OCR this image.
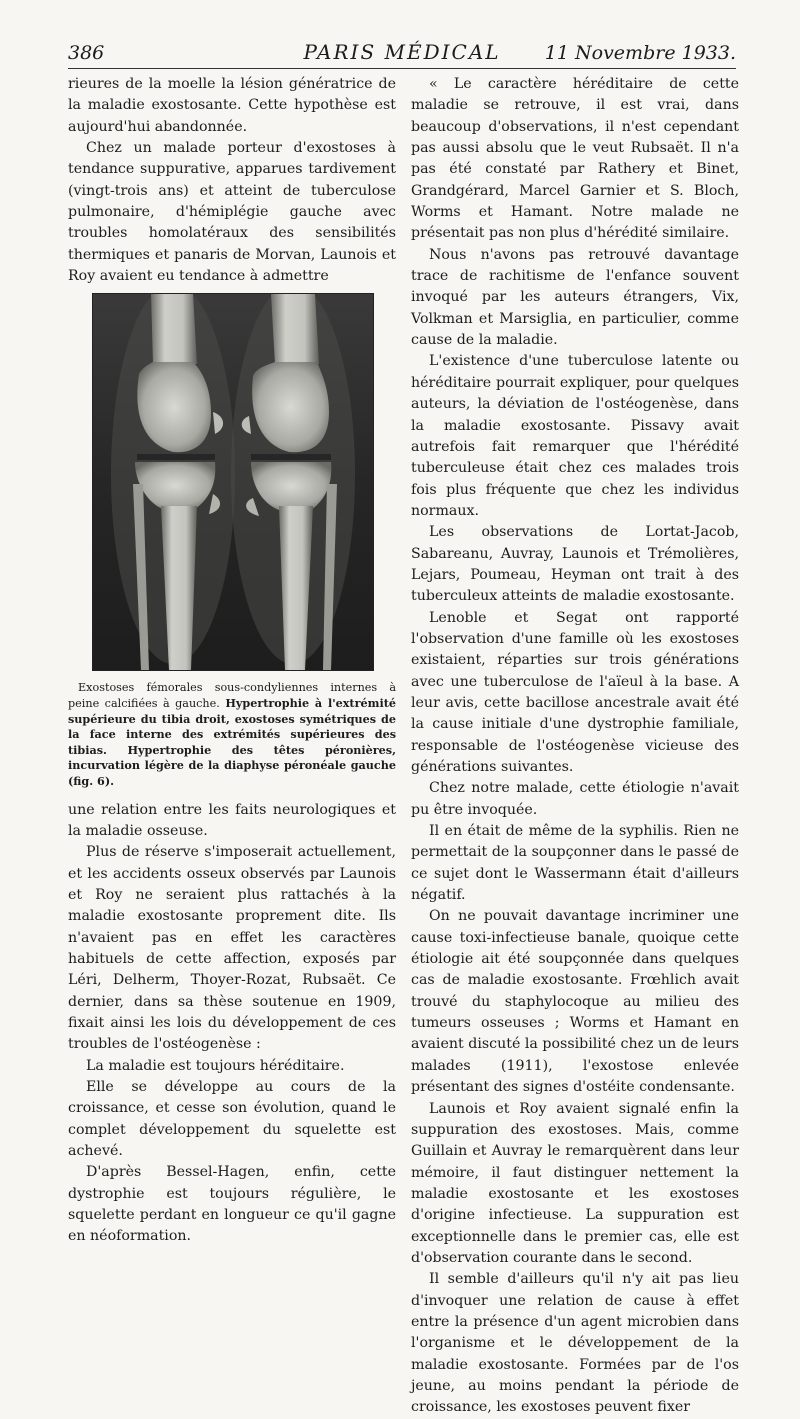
386	PARIS MÉDICAL	11 Novembre 1933.

rieures de la moelle la lésion génératrice de la maladie exostosante. Cette hypothèse est aujourd'hui abandonnée.

Chez un malade porteur d'exostoses à tendance suppurative, apparues tardivement (vingt-trois ans) et atteint de tuberculose pulmonaire, d'hémiplégie gauche avec troubles homolatéraux des sensibilités thermiques et panaris de Morvan, Launois et Roy avaient eu tendance à admettre

Exostoses fémorales sous-condyliennes internes à peine calcifiées à gauche. Hypertrophie à l'extrémité supérieure du tibia droit, exostoses symétriques de la face interne des extrémités supérieures des tibias. Hypertrophie des têtes péronières, incurvation légère de la diaphyse péronéale gauche (fig. 6).

une relation entre les faits neurologiques et la maladie osseuse.

Plus de réserve s'imposerait actuellement, et les accidents osseux observés par Launois et Roy ne seraient plus rattachés à la maladie exostosante proprement dite. Ils n'avaient pas en effet les caractères habituels de cette affection, exposés par Léri, Delherm, Thoyer-Rozat, Rubsaët. Ce dernier, dans sa thèse soutenue en 1909, fixait ainsi les lois du développement de ces troubles de l'ostéogenèse :

La maladie est toujours héréditaire.

Elle se développe au cours de la croissance, et cesse son évolution, quand le complet développement du squelette est achevé.

D'après Bessel-Hagen, enfin, cette dystrophie est toujours régulière, le squelette perdant en longueur ce qu'il gagne en néoformation.

« Le caractère héréditaire de cette maladie se retrouve, il est vrai, dans beaucoup d'observations, il n'est cependant pas aussi absolu que le veut Rubsaët. Il n'a pas été constaté par Rathery et Binet, Grandgérard, Marcel Garnier et S. Bloch, Worms et Hamant. Notre malade ne présentait pas non plus d'hérédité similaire.

Nous n'avons pas retrouvé davantage trace de rachitisme de l'enfance souvent invoqué par les auteurs étrangers, Vix, Volkman et Marsiglia, en particulier, comme cause de la maladie.

L'existence d'une tuberculose latente ou héréditaire pourrait expliquer, pour quelques auteurs, la déviation de l'ostéogenèse, dans la maladie exostosante. Pissavy avait autrefois fait remarquer que l'hérédité tuberculeuse était chez ces malades trois fois plus fréquente que chez les individus normaux.

Les observations de Lortat-Jacob, Sabareanu, Auvray, Launois et Trémolières, Lejars, Poumeau, Heyman ont trait à des tuberculeux atteints de maladie exostosante.

Lenoble et Segat ont rapporté l'observation d'une famille où les exostoses existaient, réparties sur trois générations avec une tuberculose de l'aïeul à la base. A leur avis, cette bacillose ancestrale avait été la cause initiale d'une dystrophie familiale, responsable de l'ostéogenèse vicieuse des générations suivantes.

Chez notre malade, cette étiologie n'avait pu être invoquée.

Il en était de même de la syphilis. Rien ne permettait de la soupçonner dans le passé de ce sujet dont le Wassermann était d'ailleurs négatif.

On ne pouvait davantage incriminer une cause toxi-infectieuse banale, quoique cette étiologie ait été soupçonnée dans quelques cas de maladie exostosante. Frœhlich avait trouvé du staphylocoque au milieu des tumeurs osseuses ; Worms et Hamant en avaient discuté la possibilité chez un de leurs malades (1911), l'exostose enlevée présentant des signes d'ostéite condensante.

Launois et Roy avaient signalé enfin la suppuration des exostoses. Mais, comme Guillain et Auvray le remarquèrent dans leur mémoire, il faut distinguer nettement la maladie exostosante et les exostoses d'origine infectieuse. La suppuration est exceptionnelle dans le premier cas, elle est d'observation courante dans le second.

Il semble d'ailleurs qu'il n'y ait pas lieu d'invoquer une relation de cause à effet entre la présence d'un agent microbien dans l'organisme et le développement de la maladie exostosante. Formées par de l'os jeune, au moins pendant la période de croissance, les exostoses peuvent fixer
